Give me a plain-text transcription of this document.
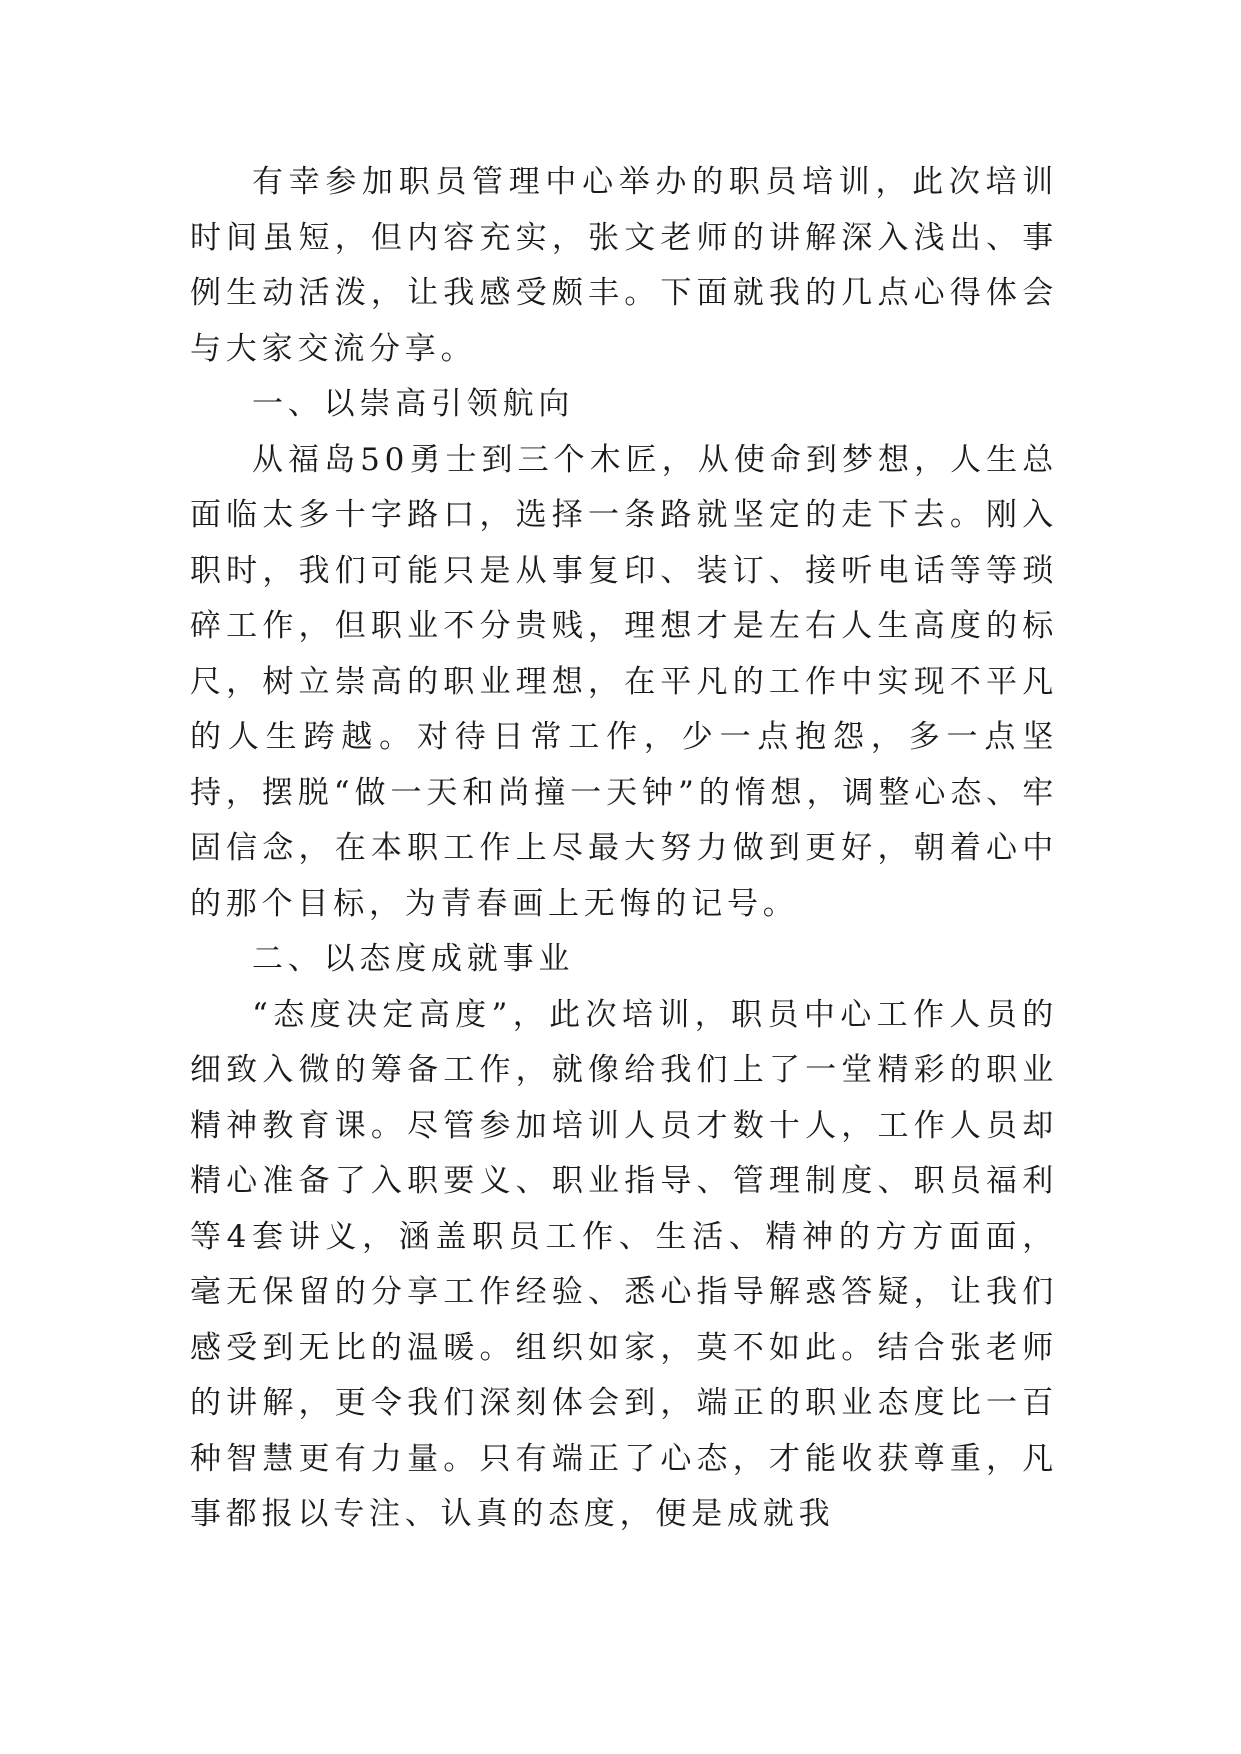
有幸参加职员管理中心举办的职员培训，此次培训时间虽短，但内容充实，张文老师的讲解深入浅出、事例生动活泼，让我感受颇丰。下面就我的几点心得体会与大家交流分享。

一、以崇高引领航向

从福岛50勇士到三个木匠，从使命到梦想，人生总面临太多十字路口，选择一条路就坚定的走下去。刚入职时，我们可能只是从事复印、装订、接听电话等等琐碎工作，但职业不分贵贱，理想才是左右人生高度的标尺，树立崇高的职业理想，在平凡的工作中实现不平凡的人生跨越。对待日常工作，少一点抱怨，多一点坚持，摆脱“做一天和尚撞一天钟”的惰想，调整心态、牢固信念，在本职工作上尽最大努力做到更好，朝着心中的那个目标，为青春画上无悔的记号。

二、以态度成就事业

“态度决定高度”，此次培训，职员中心工作人员的细致入微的筹备工作，就像给我们上了一堂精彩的职业精神教育课。尽管参加培训人员才数十人，工作人员却精心准备了入职要义、职业指导、管理制度、职员福利等4套讲义，涵盖职员工作、生活、精神的方方面面，毫无保留的分享工作经验、悉心指导解惑答疑，让我们感受到无比的温暖。组织如家，莫不如此。结合张老师的讲解，更令我们深刻体会到，端正的职业态度比一百种智慧更有力量。只有端正了心态，才能收获尊重，凡事都报以专注、认真的态度，便是成就我
